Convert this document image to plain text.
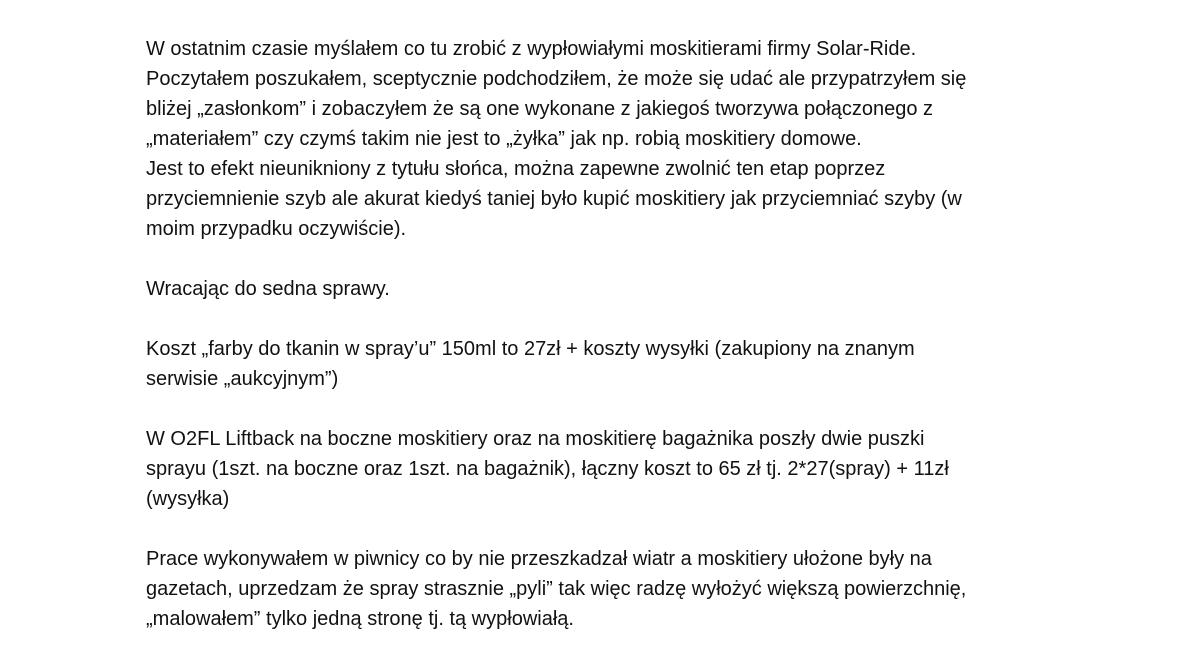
W ostatnim czasie myślałem co tu zrobić z wypłowiałymi moskitierami firmy Solar-Ride.
Poczytałem poszukałem, sceptycznie podchodziłem, że może się udać ale przypatrzyłem się
bliżej „zasłonkom” i zobaczyłem że są one wykonane z jakiegoś tworzywa połączonego z
„materiałem” czy czymś takim nie jest to „żyłka” jak np. robią moskitiery domowe.
Jest to efekt nieunikniony z tytułu słońca, można zapewne zwolnić ten etap poprzez
przyciemnienie szyb ale akurat kiedyś taniej było kupić moskitiery jak przyciemniać szyby (w
moim przypadku oczywiście).
Wracając do sedna sprawy.
Koszt „farby do tkanin w spray’u” 150ml to 27zł + koszty wysyłki (zakupiony na znanym
serwisie „aukcyjnym”)
W O2FL Liftback na boczne moskitiery oraz na moskitierę bagażnika poszły dwie puszki
sprayu (1szt. na boczne oraz 1szt. na bagażnik), łączny koszt to 65 zł tj. 2*27(spray) + 11zł
(wysyłka)
Prace wykonywałem w piwnicy co by nie przeszkadzał wiatr a moskitiery ułożone były na
gazetach, uprzedzam że spray strasznie „pyli” tak więc radzę wyłożyć większą powierzchnię,
„malowałem” tylko jedną stronę tj. tą wypłowiałą.
